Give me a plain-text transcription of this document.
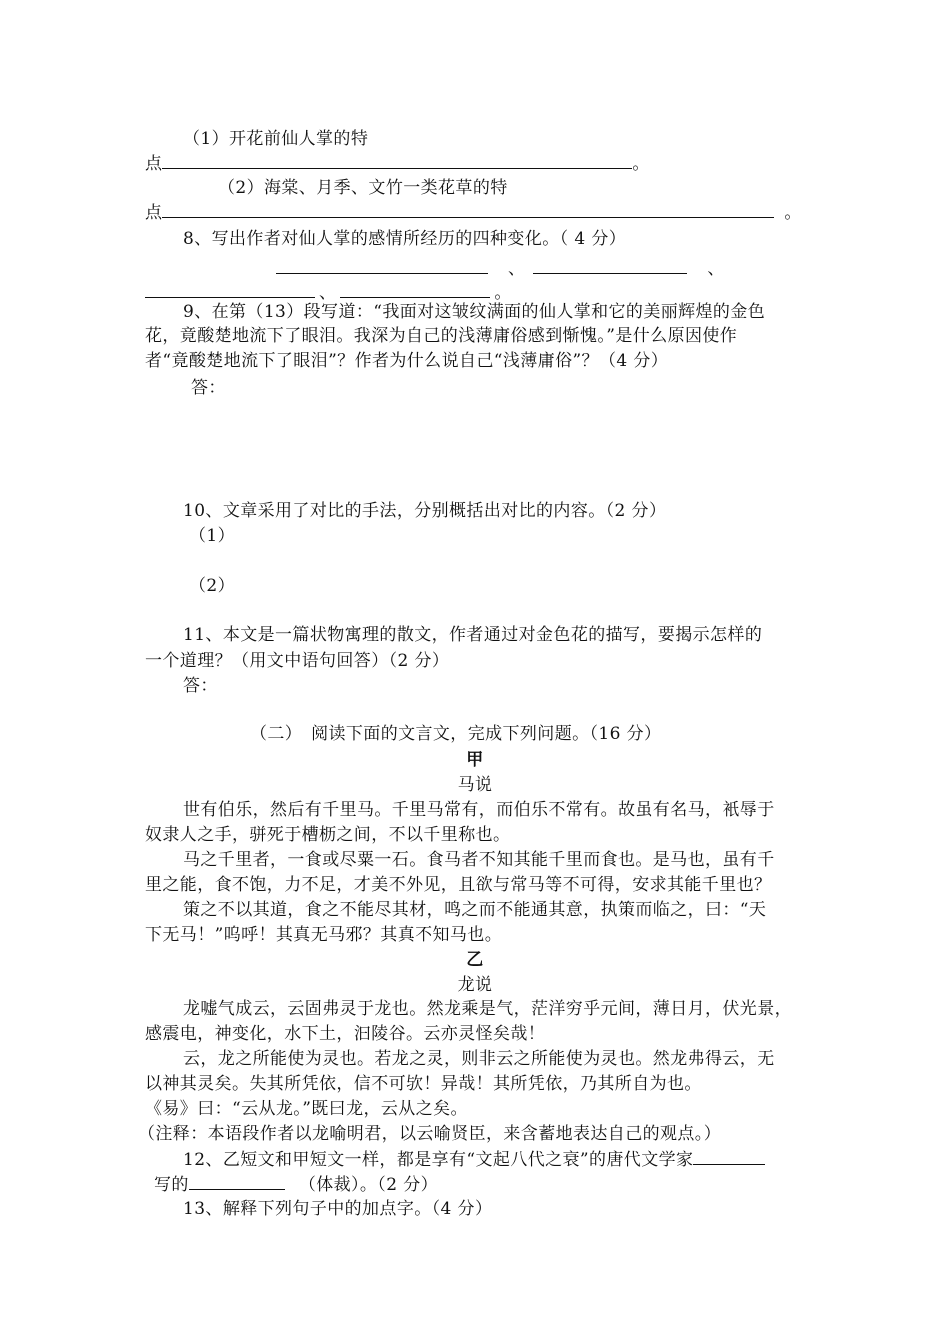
（1）开花前仙人掌的特
点	。
（2）海棠、月季、文竹一类花草的特
点	。
8、写出作者对仙人掌的感情所经历的四种变化。（ 4 分）
、	、
、	。
9、在第（13）段写道：“我面对这皱纹满面的仙人掌和它的美丽辉煌的金色
花，竟酸楚地流下了眼泪。我深为自己的浅薄庸俗感到惭愧。”是什么原因使作
者“竟酸楚地流下了眼泪”？作者为什么说自己“浅薄庸俗”？（4 分）
答：
10、文章采用了对比的手法，分别概括出对比的内容。（2 分）
（1）
（2）
11、本文是一篇状物寓理的散文，作者通过对金色花的描写，要揭示怎样的
一个道理？（用文中语句回答）（2 分）
答：
（二）　阅读下面的文言文，完成下列问题。（16 分）
甲
马说
世有伯乐，然后有千里马。千里马常有，而伯乐不常有。故虽有名马，衹辱于
奴隶人之手，骈死于槽枥之间，不以千里称也。
马之千里者，一食或尽粟一石。食马者不知其能千里而食也。是马也，虽有千
里之能，食不饱，力不足，才美不外见，且欲与常马等不可得，安求其能千里也？
策之不以其道，食之不能尽其材，鸣之而不能通其意，执策而临之，曰：“天
下无马！”呜呼！其真无马邪？其真不知马也。
乙
龙说
龙嘘气成云，云固弗灵于龙也。然龙乘是气，茫洋穷乎元间，薄日月，伏光景，
感震电，神变化，水下土，汩陵谷。云亦灵怪矣哉！
云，龙之所能使为灵也。若龙之灵，则非云之所能使为灵也。然龙弗得云，无
以神其灵矣。失其所凭依，信不可欤！异哉！其所凭依，乃其所自为也。
《易》曰：“云从龙。”既曰龙，云从之矣。
（注释：本语段作者以龙喻明君，以云喻贤臣，来含蓄地表达自己的观点。）
12、乙短文和甲短文一样，都是享有“文起八代之衰”的唐代文学家
写的	（体裁）。（2 分）
13、解释下列句子中的加点字。（4 分）
